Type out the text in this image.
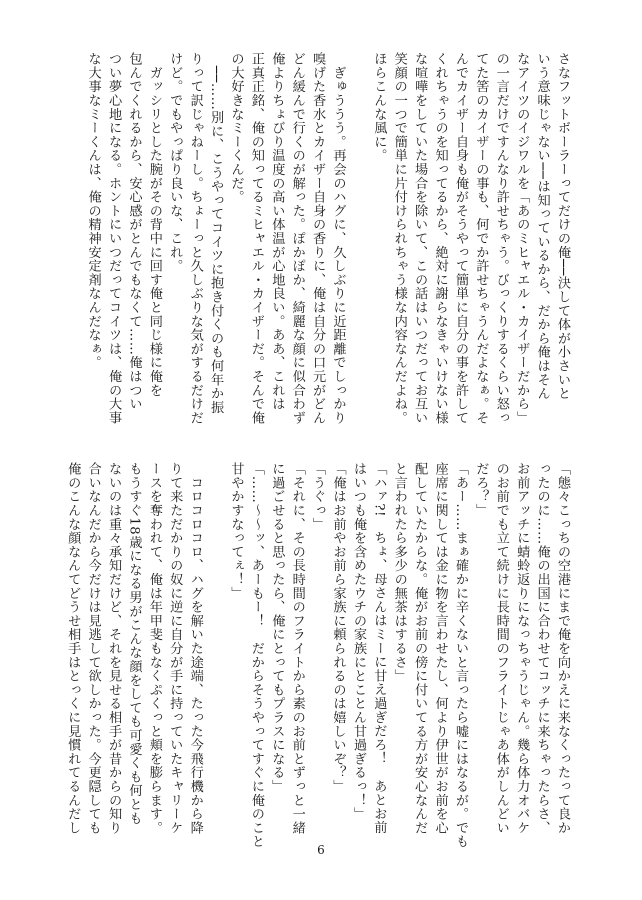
さなフットボーラーってだけの俺──決して体が小さいと

いう意味じゃない──は知っているから、だから俺はそん

なアイツのイジワルを「あのミヒャエル・カイザーだから」

の一言だけですんなり許せちゃう。びっくりするくらい怒っ

てた筈のカイザーの事も、何でか許せちゃうんだよなぁ。そ

んでカイザー自身も俺がそうやって簡単に自分の事を許して

くれちゃうのを知ってるから、絶対に謝らなきゃいけない様

な喧嘩をしていた場合を除いて、この話はいつだってお互い

笑顔の一つで簡単に片付けられちゃう様な内容なんだよね。

ほらこんな風に。

　ぎゅううう。再会のハグに、久しぶりに近距離でしっかり

嗅げた香水とカイザー自身の香りに、俺は自分の口元がどん

どん緩んで行くのが解った。ぽかぽか、綺麗な顔に似合わず

俺よりちょびり温度の高い体温が心地良い。ああ、これは

正真正銘、俺の知ってるミヒャエル・カイザーだ。そんで俺

の大好きなミーくんだ。

　──……別に、こうやってコイツに抱き付くのも何年か振

りって訳じゃねーし。ちょーっと久しぶりな気がするだけだ

けど。でもやっぱり良いな、これ。

　ガッシリとした腕がその背中に回す俺と同じ様に俺を

包んでくれるから、安心感がとんでもなくて……俺はつい

つい夢心地になる。ホントにいつだってコイツは、俺の大事

な大事なミーくんは、俺の精神安定剤なんだなぁ。

「態々こっちの空港にまで俺を向かえに来なくったって良か

ったのに……俺の出国に合わせてコッチに来ちゃったらさ、

お前アッチに蜻蛉返りになっちゃうじゃん。幾ら体力オバケ

のお前でも立て続けに長時間のフライトじゃあ体がしんどい

だろ？」

「あー……まぁ確かに辛くないと言ったら嘘にはなるが。でも

座席に関しては金に物を言わせたし、何より伊世がお前を心

配していたからな。俺がお前の傍に付いてる方が安心なんだ

と言われたら多少の無茶はするさ」

「ハァ?!　ちょ、母さんはミーに甘え過ぎだろ！　あとお前

はいつも俺を含めたウチの家族にとことん甘過ぎるっ！」

「俺はお前やお前ら家族に頼られるのは嬉しいぞ？」

「うぐっ」

「それに、その長時間のフライトから素のお前とずっと一緒

に過ごせると思ったら、俺にとってもプラスになる」

「……〜〜ッ、あーもー！　だからそうやってすぐに俺のこと

甘やかすなってぇ！」

　コロコロコロ、ハグを解いた途端、たった今飛行機から降

りて来ただかりの奴に逆に自分が手に持っていたキャリーケ

ースを奪われて、俺は年甲斐もなくぷくっと頬を膨らます。

もうすぐ18歳になる男がこんな顔をしても可愛くも何とも

ないのは重々承知だけど、それを見せる相手が昔からの知り

合いなんだから今だけは見逃して欲しかった。今更隠しても

俺のこんな顔なんてどうせ相手はとっくに見慣れてるんだし

6
